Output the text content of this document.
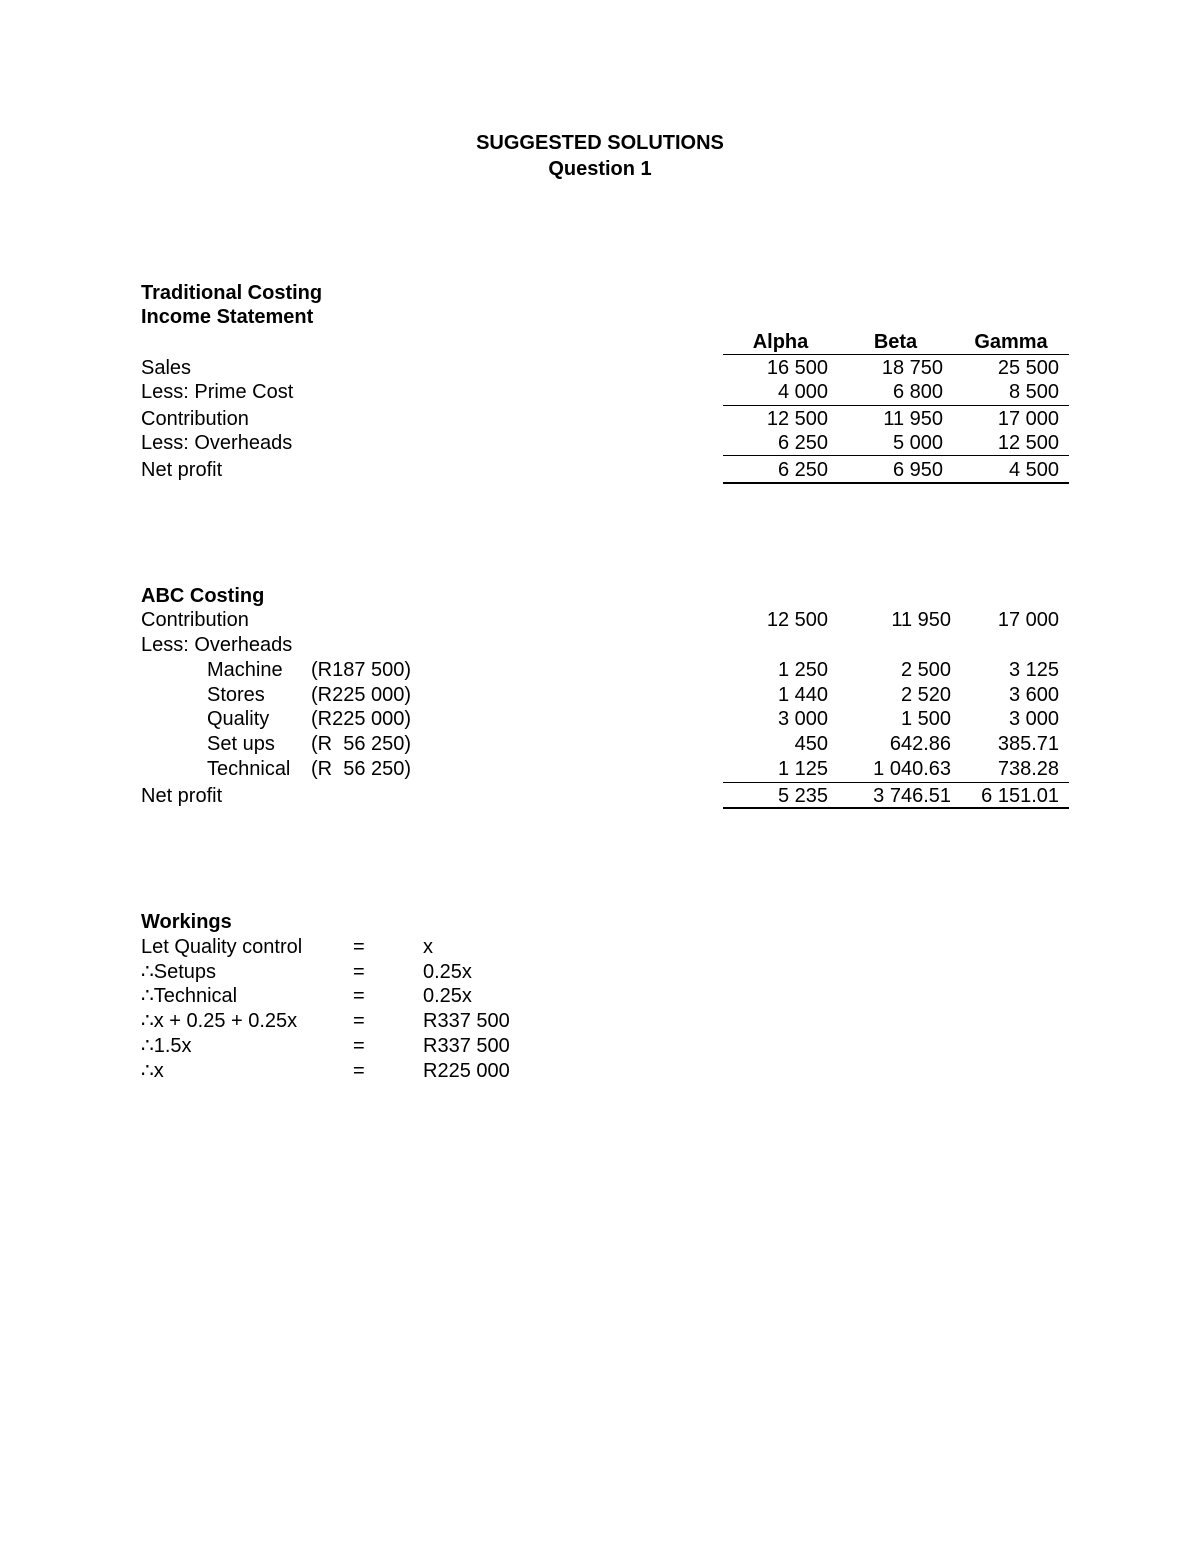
SUGGESTED SOLUTIONS
Question 1
Traditional Costing
Income Statement
Alpha	Beta	Gamma
Sales	16 500	18 750	25 500
Less: Prime Cost	4 000	6 800	8 500
Contribution	12 500	11 950	17 000
Less: Overheads	6 250	5 000	12 500
Net profit	6 250	6 950	4 500
ABC Costing
Contribution	12 500	11 950	17 000
Less: Overheads
Machine (R187 500)	1 250	2 500	3 125
Stores (R225 000)	1 440	2 520	3 600
Quality (R225 000)	3 000	1 500	3 000
Set ups (R  56 250)	450	642.86	385.71
Technical (R  56 250)	1 125	1 040.63	738.28
Net profit	5 235	3 746.51	6 151.01
Workings
Let Quality control	=	x
∴Setups	=	0.25x
∴Technical	=	0.25x
∴x + 0.25 + 0.25x	=	R337 500
∴1.5x	=	R337 500
∴x	=	R225 000
